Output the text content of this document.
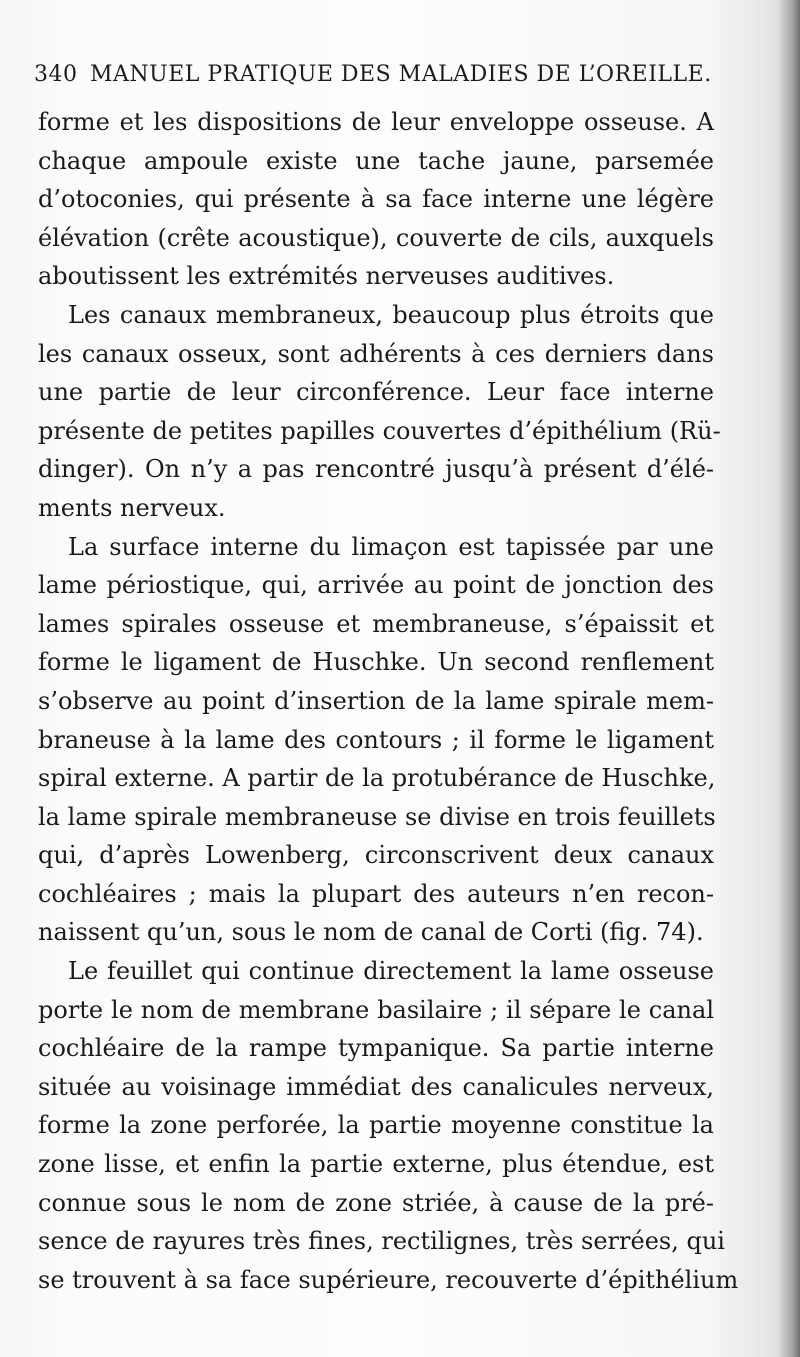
340 MANUEL PRATIQUE DES MALADIES DE L’OREILLE.
forme et les dispositions de leur enveloppe osseuse. A
chaque ampoule existe une tache jaune, parsemée
d’otoconies, qui présente à sa face interne une légère
élévation (crête acoustique), couverte de cils, auxquels
aboutissent les extrémités nerveuses auditives.
Les canaux membraneux, beaucoup plus étroits que
les canaux osseux, sont adhérents à ces derniers dans
une partie de leur circonférence. Leur face interne
présente de petites papilles couvertes d’épithélium (Rü-
dinger). On n’y a pas rencontré jusqu’à présent d’élé-
ments nerveux.
La surface interne du limaçon est tapissée par une
lame périostique, qui, arrivée au point de jonction des
lames spirales osseuse et membraneuse, s’épaissit et
forme le ligament de Huschke. Un second renflement
s’observe au point d’insertion de la lame spirale mem-
braneuse à la lame des contours ; il forme le ligament
spiral externe. A partir de la protubérance de Huschke,
la lame spirale membraneuse se divise en trois feuillets
qui, d’après Lowenberg, circonscrivent deux canaux
cochléaires ; mais la plupart des auteurs n’en recon-
naissent qu’un, sous le nom de canal de Corti (fig. 74).
Le feuillet qui continue directement la lame osseuse
porte le nom de membrane basilaire ; il sépare le canal
cochléaire de la rampe tympanique. Sa partie interne
située au voisinage immédiat des canalicules nerveux,
forme la zone perforée, la partie moyenne constitue la
zone lisse, et enfin la partie externe, plus étendue, est
connue sous le nom de zone striée, à cause de la pré-
sence de rayures très fines, rectilignes, très serrées, qui
se trouvent à sa face supérieure, recouverte d’épithélium
